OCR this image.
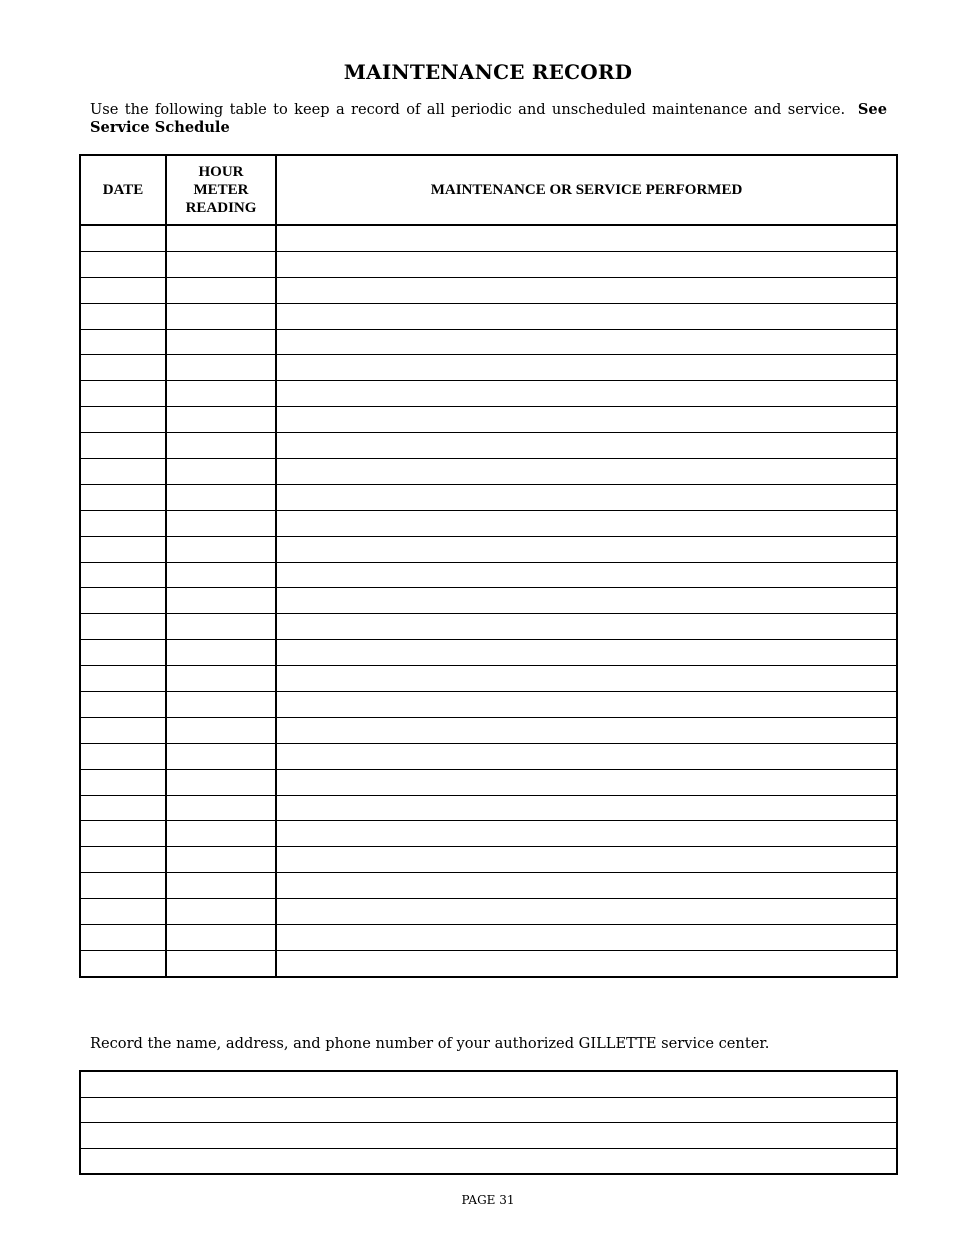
MAINTENANCE RECORD
Use the following table to keep a record of all periodic and unscheduled maintenance and service. See Service Schedule
DATE	HOUR METER READING	MAINTENANCE OR SERVICE PERFORMED

Record the name, address, and phone number of your authorized GILLETTE service center.

PAGE 31
